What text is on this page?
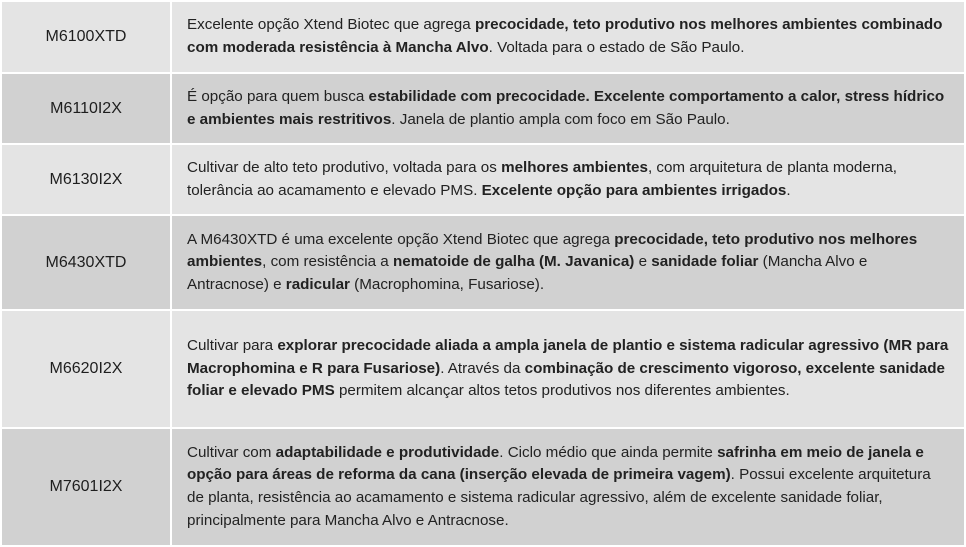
M6100XTD	Excelente opção Xtend Biotec que agrega precocidade, teto produtivo nos melhores ambientes combinado com moderada resistência à Mancha Alvo. Voltada para o estado de São Paulo.
M6110I2X	É opção para quem busca estabilidade com precocidade. Excelente comportamento a calor, stress hídrico e ambientes mais restritivos. Janela de plantio ampla com foco em São Paulo.
M6130I2X	Cultivar de alto teto produtivo, voltada para os melhores ambientes, com arquitetura de planta moderna, tolerância ao acamamento e elevado PMS. Excelente opção para ambientes irrigados.
M6430XTD	A M6430XTD é uma excelente opção Xtend Biotec que agrega precocidade, teto produtivo nos melhores ambientes, com resistência a nematoide de galha (M. Javanica) e sanidade foliar (Mancha Alvo e Antracnose) e radicular (Macrophomina, Fusariose).
M6620I2X	Cultivar para explorar precocidade aliada a ampla janela de plantio e sistema radicular agressivo (MR para Macrophomina e R para Fusariose). Através da combinação de crescimento vigoroso, excelente sanidade foliar e elevado PMS permitem alcançar altos tetos produtivos nos diferentes ambientes.
M7601I2X	Cultivar com adaptabilidade e produtividade. Ciclo médio que ainda permite safrinha em meio de janela e opção para áreas de reforma da cana (inserção elevada de primeira vagem). Possui excelente arquitetura de planta, resistência ao acamamento e sistema radicular agressivo, além de excelente sanidade foliar, principalmente para Mancha Alvo e Antracnose.
